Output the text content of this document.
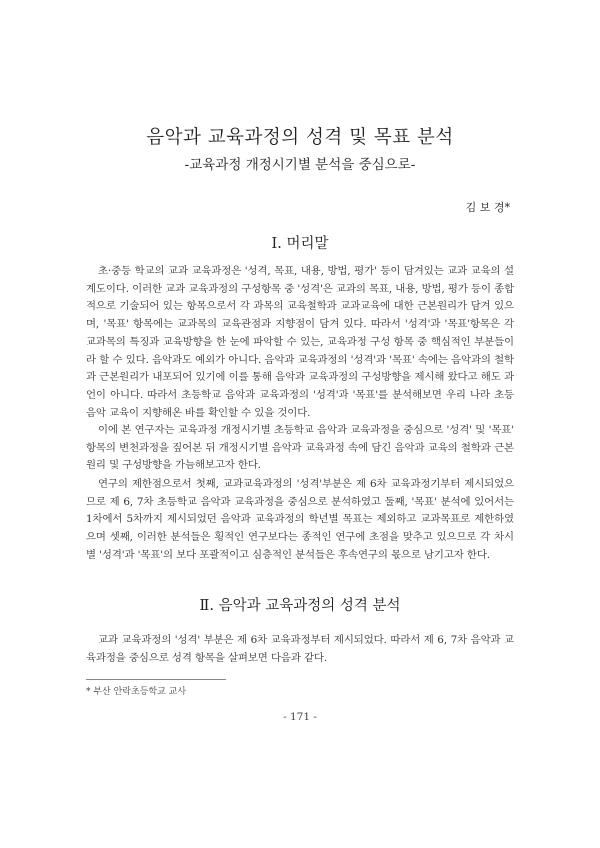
음악과 교육과정의 성격 및 목표 분석
-교육과정 개정시기별 분석을 중심으로-
김 보 경*
Ⅰ. 머리말

초·중등 학교의 교과 교육과정은 '성격, 목표, 내용, 방법, 평가' 등이 담겨있는 교과 교육의 설계도이다. 이러한 교과 교육과정의 구성항목 중 '성격'은 교과의 목표, 내용, 방법, 평가 등이 종합적으로 기술되어 있는 항목으로서 각 과목의 교육철학과 교과교육에 대한 근본원리가 담겨 있으며, '목표' 항목에는 교과목의 교육관점과 지향점이 담겨 있다. 따라서 '성격'과 '목표'항목은 각 교과목의 특징과 교육방향을 한 눈에 파악할 수 있는, 교육과정 구성 항목 중 핵심적인 부분들이라 할 수 있다. 음악과도 예외가 아니다. 음악과 교육과정의 '성격'과 '목표' 속에는 음악과의 철학과 근본원리가 내포되어 있기에 이를 통해 음악과 교육과정의 구성방향을 제시해 왔다고 해도 과언이 아니다. 따라서 초등학교 음악과 교육과정의 '성격'과 '목표'를 분석해보면 우리 나라 초등 음악 교육이 지향해온 바를 확인할 수 있을 것이다.

이에 본 연구자는 교육과정 개정시기별 초등학교 음악과 교육과정을 중심으로 '성격' 및 '목표' 항목의 변천과정을 짚어본 뒤 개정시기별 음악과 교육과정 속에 담긴 음악과 교육의 철학과 근본원리 및 구성방향을 가늠해보고자 한다.

연구의 제한점으로서 첫째, 교과교육과정의 '성격'부분은 제 6차 교육과정기부터 제시되었으므로 제 6, 7차 초등학교 음악과 교육과정을 중심으로 분석하였고 둘째, '목표' 분석에 있어서는 1차에서 5차까지 제시되었던 음악과 교육과정의 학년별 목표는 제외하고 교과목표로 제한하였으며 셋째, 이러한 분석들은 횡적인 연구보다는 종적인 연구에 초점을 맞추고 있으므로 각 차시별 '성격'과 '목표'의 보다 포괄적이고 심층적인 분석들은 후속연구의 몫으로 남기고자 한다.

Ⅱ. 음악과 교육과정의 성격 분석

교과 교육과정의 '성격' 부분은 제 6차 교육과정부터 제시되었다. 따라서 제 6, 7차 음악과 교육과정을 중심으로 성격 항목을 살펴보면 다음과 같다.

* 부산 안락초등학교 교사
- 171 -
